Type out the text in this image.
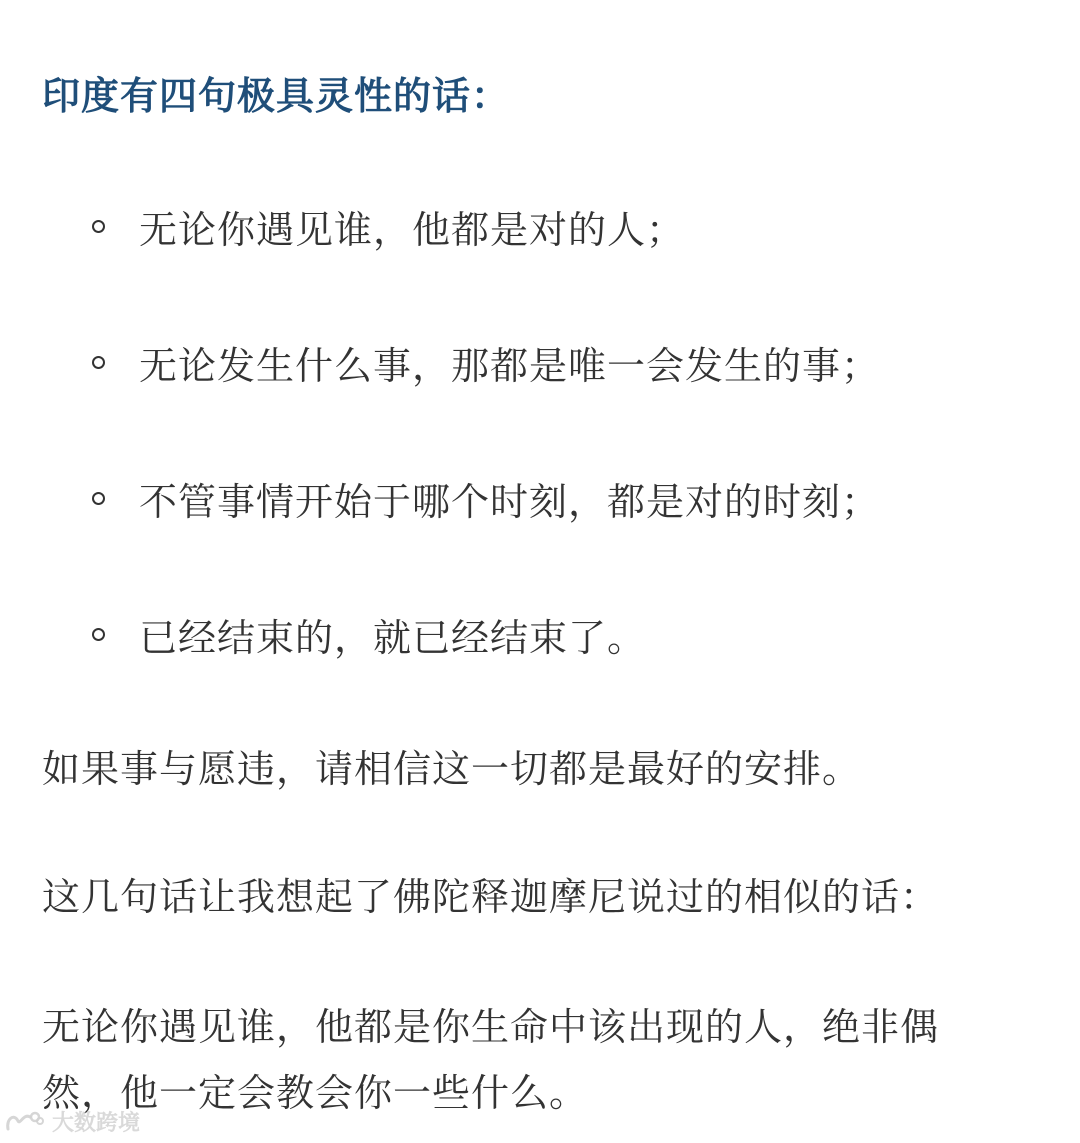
印度有四句极具灵性的话：
无论你遇见谁，他都是对的人；
无论发生什么事，那都是唯一会发生的事；
不管事情开始于哪个时刻，都是对的时刻；
已经结束的，就已经结束了。
如果事与愿违，请相信这一切都是最好的安排。
这几句话让我想起了佛陀释迦摩尼说过的相似的话：
无论你遇见谁，他都是你生命中该出现的人，绝非偶
然，他一定会教会你一些什么。
大数跨境
